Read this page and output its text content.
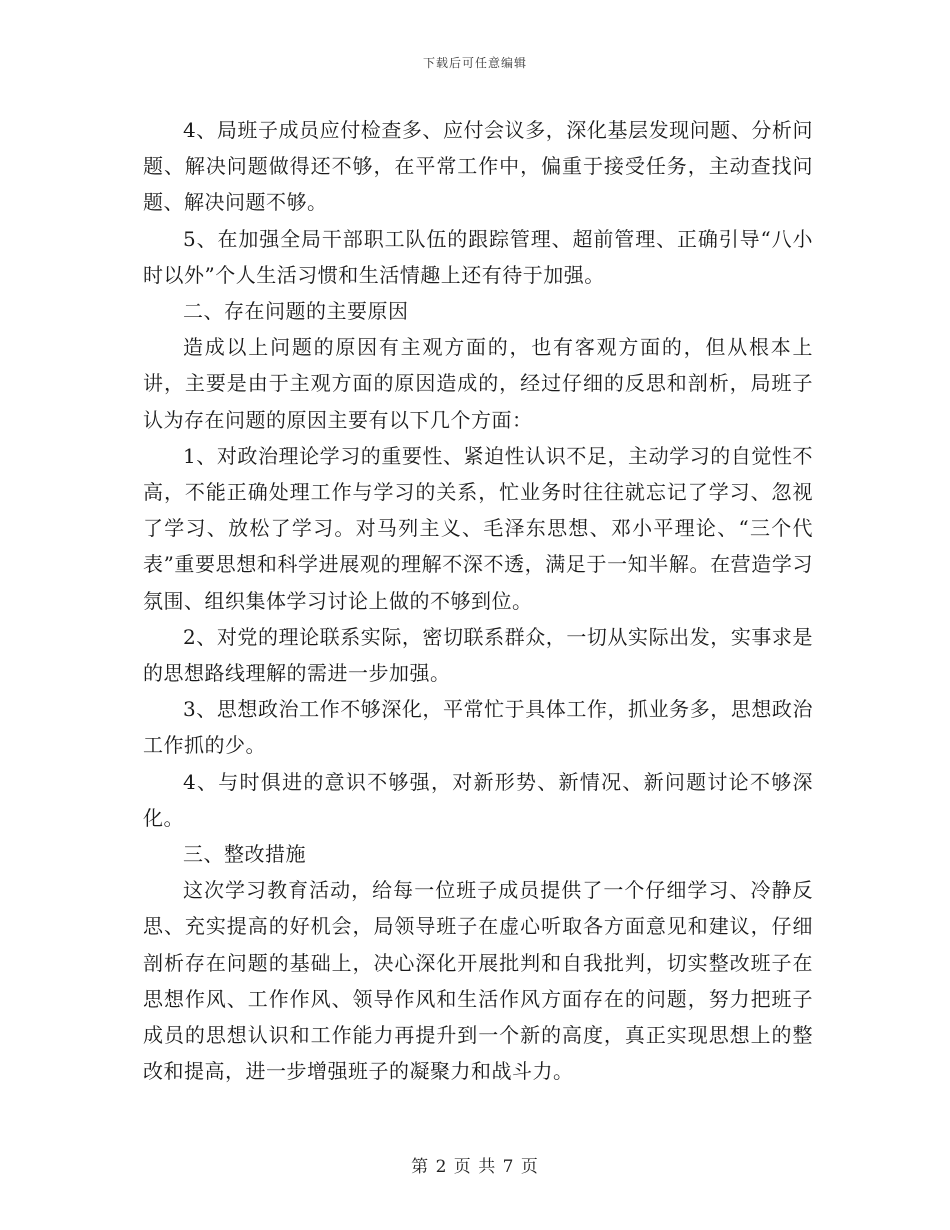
下载后可任意编辑

4、局班子成员应付检查多、应付会议多，深化基层发现问题、分析问题、解决问题做得还不够，在平常工作中，偏重于接受任务，主动查找问题、解决问题不够。

5、在加强全局干部职工队伍的跟踪管理、超前管理、正确引导“八小时以外”个人生活习惯和生活情趣上还有待于加强。

二、存在问题的主要原因

造成以上问题的原因有主观方面的，也有客观方面的，但从根本上讲，主要是由于主观方面的原因造成的，经过仔细的反思和剖析，局班子认为存在问题的原因主要有以下几个方面：

1、对政治理论学习的重要性、紧迫性认识不足，主动学习的自觉性不高，不能正确处理工作与学习的关系，忙业务时往往就忘记了学习、忽视了学习、放松了学习。对马列主义、毛泽东思想、邓小平理论、“三个代表”重要思想和科学进展观的理解不深不透，满足于一知半解。在营造学习氛围、组织集体学习讨论上做的不够到位。

2、对党的理论联系实际，密切联系群众，一切从实际出发，实事求是的思想路线理解的需进一步加强。

3、思想政治工作不够深化，平常忙于具体工作，抓业务多，思想政治工作抓的少。

4、与时俱进的意识不够强，对新形势、新情况、新问题讨论不够深化。

三、整改措施

这次学习教育活动，给每一位班子成员提供了一个仔细学习、冷静反思、充实提高的好机会，局领导班子在虚心听取各方面意见和建议，仔细剖析存在问题的基础上，决心深化开展批判和自我批判，切实整改班子在思想作风、工作作风、领导作风和生活作风方面存在的问题，努力把班子成员的思想认识和工作能力再提升到一个新的高度，真正实现思想上的整改和提高，进一步增强班子的凝聚力和战斗力。

第 2 页 共 7 页
